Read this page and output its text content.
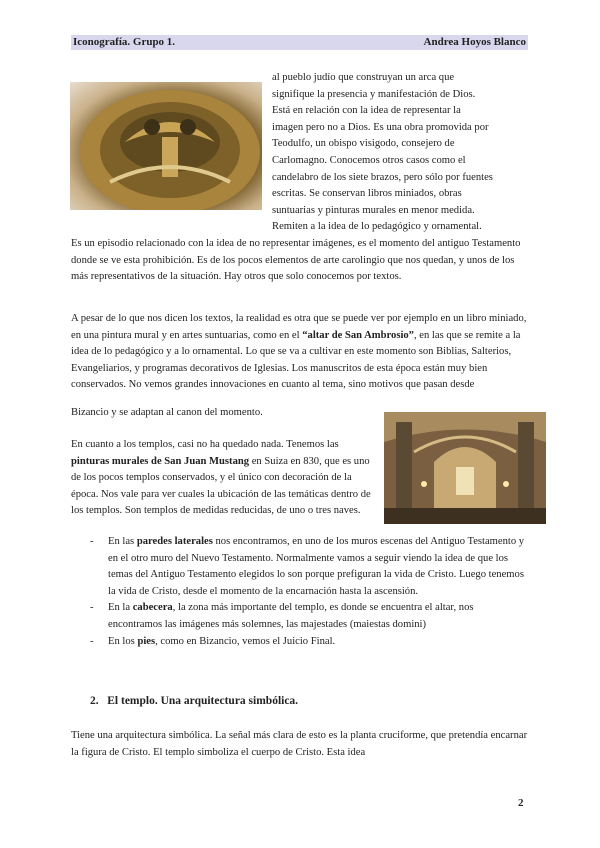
Iconografía. Grupo 1.	Andrea Hoyos Blanco
al pueblo judío que construyan un arca que
signifique la presencia y manifestación de Dios.
Está en relación con la idea de representar la
imagen pero no a Dios. Es una obra promovida por
Teodulfo, un obispo visigodo, consejero de
Carlomagno. Conocemos otros casos como el
candelabro de los siete brazos, pero sólo por fuentes
escritas. Se conservan libros miniados, obras
suntuarias y pinturas murales en menor medida.
Remiten a la idea de lo pedagógico y ornamental.

Es un episodio relacionado con la idea de no representar imágenes, es el momento del antiguo Testamento donde se ve esta prohibición. Es de los pocos elementos de arte carolingio que nos quedan, y unos de los más representativos de la situación. Hay otros que solo conocemos por textos.

A pesar de lo que nos dicen los textos, la realidad es otra que se puede ver por ejemplo en un libro miniado, en una pintura mural y en artes suntuarias, como en el “altar de San Ambrosio”, en las que se remite a la idea de lo pedagógico y a lo ornamental. Lo que se va a cultivar en este momento son Biblias, Salterios, Evangeliarios, y programas decorativos de Iglesias. Los manuscritos de esta época están muy bien conservados. No vemos grandes innovaciones en cuanto al tema, sino motivos que pasan desde

Bizancio y se adaptan al canon del momento.

En cuanto a los templos, casi no ha quedado nada. Tenemos las pinturas murales de San Juan Mustang en Suiza en 830, que es uno de los pocos templos conservados, y el único con decoración de la época. Nos vale para ver cuales la ubicación de las temáticas dentro de los templos. Son templos de medidas reducidas, de uno o tres naves.

- En las paredes laterales nos encontramos, en uno de los muros escenas del Antiguo Testamento y en el otro muro del Nuevo Testamento. Normalmente vamos a seguir viendo la idea de que los temas del Antiguo Testamento elegidos lo son porque prefiguran la vida de Cristo. Luego tenemos la vida de Cristo, desde el momento de la encarnación hasta la ascensión.
- En la cabecera, la zona más importante del templo, es donde se encuentra el altar, nos encontramos las imágenes más solemnes, las majestades (maiestas domini)
- En los pies, como en Bizancio, vemos el Juicio Final.
2. El templo. Una arquitectura simbólica.

Tiene una arquitectura simbólica. La señal más clara de esto es la planta cruciforme, que pretendía encarnar la figura de Cristo. El templo simboliza el cuerpo de Cristo. Esta idea

2
